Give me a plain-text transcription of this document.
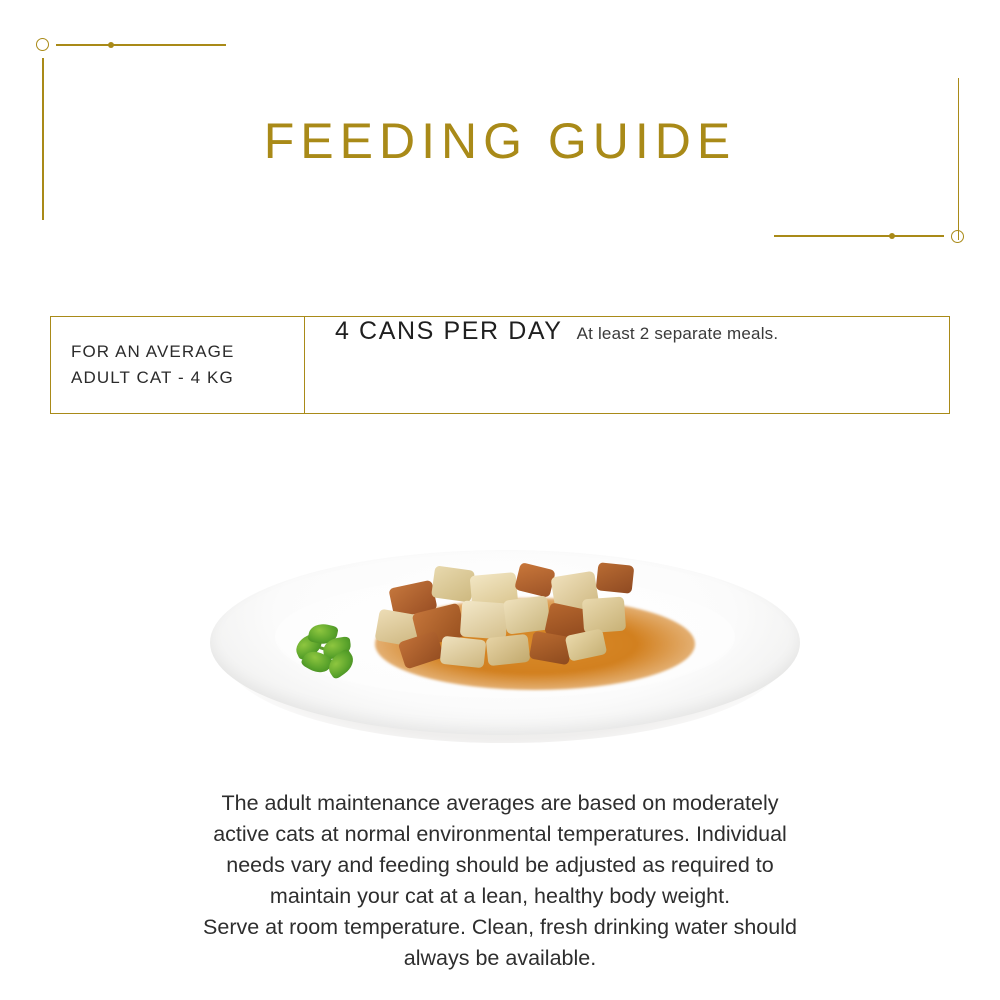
FEEDING GUIDE
FOR AN AVERAGE
ADULT CAT - 4 KG
4 CANS PER DAY At least 2 separate meals.

The adult maintenance averages are based on moderately

active cats at normal environmental temperatures. Individual

needs vary and feeding should be adjusted as required to

maintain your cat at a lean, healthy body weight.

Serve at room temperature. Clean, fresh drinking water should

always be available.
